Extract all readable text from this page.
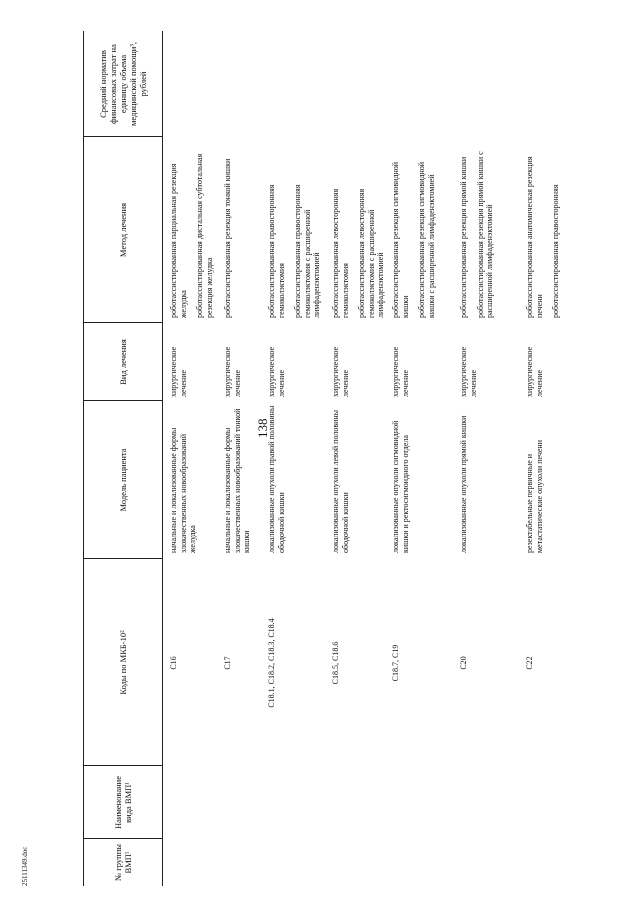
138
25111349.doc	№ группы ВМП¹
Наименование вида ВМП¹
Коды по МКБ-10²
Модель пациента
Вид лечения
Метод лечения
Средний норматив финансовых затрат на единицу объема медицинской помощи³, рублей
C16
начальные и локализованные формы злокачественных новообразований желудка
хирургическое лечение
роботассистированная парциальная резекция желудка роботассистированная дистальная субтотальная резекция желудка
C17
начальные и локализованные формы злокачественных новообразований тонкой кишки
хирургическое лечение
роботассистированная резекция тонкой кишки
C18.1, C18.2, C18.3, C18.4
локализованные опухоли правой половины ободочной кишки
хирургическое лечение
роботассистированная правосторонняя гемиколэктомия роботассистированная правосторонняя гемиколэктомия с расширенной лимфаденэктомией
C18.5, C18.6
локализованные опухоли левой половины ободочной кишки
хирургическое лечение
роботассистированная левосторонняя гемиколэктомия роботассистированная левосторонняя гемиколэктомия с расширенной лимфаденэктомией
C18.7, C19
локализованные опухоли сигмовидной кишки и ректосигмоидного отдела
хирургическое лечение
роботассистированная резекция сигмовидной кишки роботассистированная резекция сигмовидной кишки с расширенной лимфаденэктомией
C20
локализованные опухоли прямой кишки
хирургическое лечение
роботассистированная резекция прямой кишки роботассистированная резекция прямой кишки с расширенной лимфаденэктомией
C22
резектабельные первичные и метастатические опухоли печени
хирургическое лечение
роботассистированная анатомическая резекция печени роботассистированная правосторонняя
